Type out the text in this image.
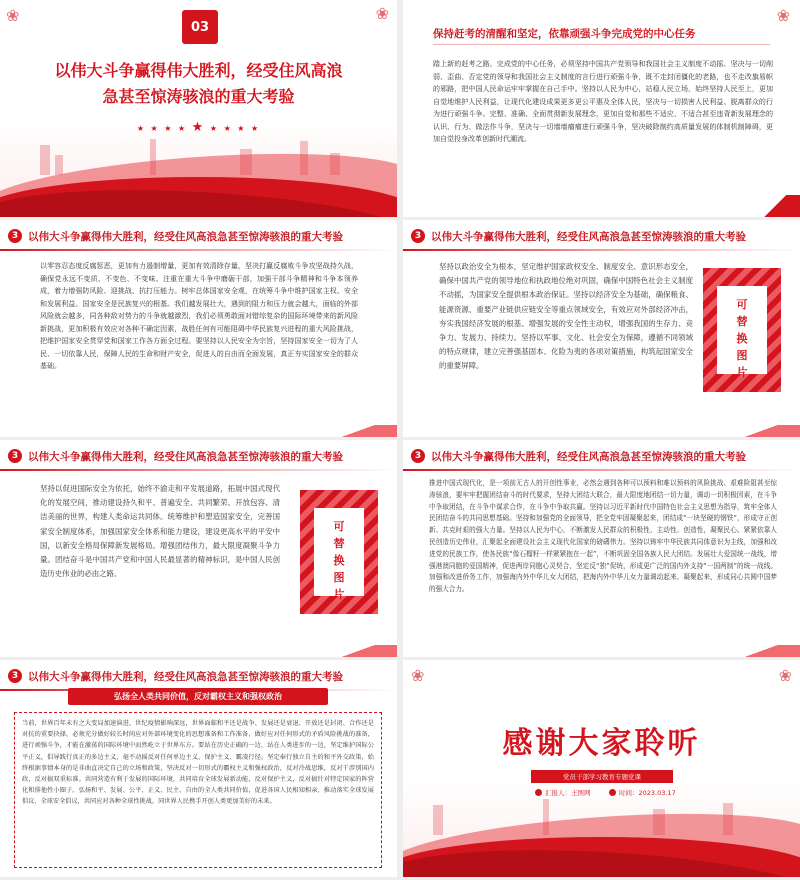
❀	❀
03
以伟大斗争赢得伟大胜利，经受住风高浪
急甚至惊涛骇浪的重大考验
★ ★ ★ ★ ★ ★ ★ ★ ★
❀
保持赶考的清醒和坚定，依靠顽强斗争完成党的中心任务
踏上新的赶考之路、完成党的中心任务，必须坚持中国共产党领导和我国社会主义制度不动摇、坚决与一切削弱、歪曲、否定党的领导和我国社会主义制度的言行进行顽强斗争，既不走封闭僵化的老路，也不走改旗易帜的邪路，把中国人民命运牢牢掌握在自己手中。坚持以人民为中心，站稳人民立场，始终坚持人民至上，更加自觉地维护人民利益，让现代化建设成果更多更公平惠及全体人民，坚决与一切损害人民利益、脱离群众的行为进行顽强斗争。完整、准确、全面贯彻新发展理念，更加自觉和那些不适应、不适合甚至违背新发展理念的认识、行为、做法作斗争，坚决与一切墙墙瘤瘤进行顽强斗争，坚决破除制约高质量发展的体制机制障碍，更加自觉投身改革创新时代潮流。
3 以伟大斗争赢得伟大胜利，经受住风高浪急甚至惊涛骇浪的重大考验
以零容忍态度反腐惩恶，更加有力遏制增量，更加有效清除存量，坚决打赢反腐败斗争攻坚战持久战，确保党永远不变质、不变色、不变味。注重在重大斗争中磨砺干部，加强干部斗争精神和斗争本领养成，着力增强防风险、迎挑战、抗打压能力。树牢总体国家安全观，在统筹斗争中维护国家主权、安全和发展利益。国家安全是民族复兴的根基。我们越发展壮大，遇到的阻力和压力就会越大，面临的外部风险就会越多，同各种敌对势力的斗争就越激烈，我们必须勇敢面对错综复杂的国际环境带来的新风险新挑战，更加积极有效应对各种不确定因素，战胜任何有可能阻碍中华民族复兴进程的重大风险挑战，把维护国家安全贯穿党和国家工作各方面全过程。要坚持以人民安全为宗旨，坚持国家安全一切为了人民、一切依靠人民，保障人民的生命和财产安全，促进人的自由而全面发展，真正夯实国家安全的群众基础。
3 以伟大斗争赢得伟大胜利，经受住风高浪急甚至惊涛骇浪的重大考验
坚持以政治安全为根本，坚定维护国家政权安全、制度安全、意识形态安全，确保中国共产党的领导地位和执政地位绝对巩固，确保中国特色社会主义制度不动摇，为国家安全提供根本政治保证。坚持以经济安全为基础，确保粮食、能源资源、重要产业链供应链安全等重点领域安全，有效应对外部经济冲击，夯实我国经济发展的根基、增强发展的安全性主动权，增强我国的生存力、竞争力、发展力、持续力。坚持以军事、文化、社会安全为保障，遵循不同领域的特点规律，建立完善强基固本、化险为夷的各项对策措施，构筑起国家安全的重要屏障。
可
替
换
图
片
3 以伟大斗争赢得伟大胜利，经受住风高浪急甚至惊涛骇浪的重大考验
坚持以促进国际安全为依托，始终不渝走和平发展道路，拓展中国式现代化的发展空间，推动建设持久和平、普遍安全、共同繁荣、开放包容、清洁美丽的世界，构建人类命运共同体。统筹维护和塑造国家安全，完善国家安全制度体系，加强国家安全体系和能力建设，建设更高水平的平安中国，以新安全格局保障新发展格局。增强团结伟力，最大限度凝聚斗争力量。团结奋斗是中国共产党和中国人民最显著的精神标识，是中国人民创造历史伟业的必由之路。
可
替
换
图
片
3 以伟大斗争赢得伟大胜利，经受住风高浪急甚至惊涛骇浪的重大考验
推进中国式现代化，是一项前无古人的开创性事业，必然会遇到各种可以预料和难以预料的风险挑战、艰难险阻甚至惊涛骇浪，要牢牢把握团结奋斗的时代要求，坚持大团结大联合，最大限度地团结一切力量，调动一切积极因素，在斗争中争取团结，在斗争中谋求合作，在斗争中争取共赢。坚持以习近平新时代中国特色社会主义思想为指导，筑牢全体人民团结奋斗的共同思想基础。坚持和加强党的全面领导，把全党牢固凝聚起来，团结成“一块坚硬的钢铁”，形成守正创新、共克时艰的强大力量。坚持以人民为中心，不断激发人民群众的积极性、主动性、创造性，凝聚民心。紧紧依靠人民创造历史伟业，汇聚起全面建设社会主义现代化国家的磅礴伟力。坚持以铸牢中华民族共同体意识为主线，加强和改进党的民族工作，使各民族“像石榴籽一样紧紧抱在一起”，不断巩固全国各族人民大团结。发展壮大爱国统一战线，增强港澳同胞的爱国精神，促进两岸同胞心灵契合，坚定反“独”促统，形成更广泛的国内外支持“一国两制”的统一战线。加强和改进侨务工作，加强海内外中华儿女大团结，把海内外中华儿女力量调动起来、凝聚起来，形成同心共圆中国梦的强大合力。
3 以伟大斗争赢得伟大胜利，经受住风高浪急甚至惊涛骇浪的重大考验
弘扬全人类共同价值，反对霸权主义和强权政治
当前，世界百年未有之大变局加速演进，世纪疫情影响深远，世界面临和平还是战争、发展还是衰退、开放还是封闭、合作还是对抗的重要抉择，必须充分做好较长时间应对外部环境变化的思想准备和工作准备，做好应对任何形式的矛盾风险挑战的准备，进行顽强斗争，才能在激荡的国际环境中而然屹立于世界东方。要站在历史正确的一边、站在人类进步的一边，坚定维护国际公平正义，倡导践行真正的多边主义，毫不动摇反对任何单边主义、保护主义、霸凌行径。坚定奉行独立自主的和平外交政策，始终根据事情本身的是非曲直决定自己的立场和政策，坚决反对一切形式的霸权主义和强权政治，反对冷战思维，反对干涉别国内政，反对搞双重标准。共同营造有利于发展的国际环境，共同培育全球发展新动能，反对保护主义，反对搞针对特定国家的阵营化和排他性小圈子。弘扬和平、发展、公平、正义、民主、自由的全人类共同价值，促进各国人民相知相亲，推动落实全球发展倡议、全球安全倡议，共同应对各种全球性挑战，同世界人民携手开创人类更加美好的未来。
❀	❀
感谢大家聆听
党员干部学习教育专题党课
汇报人：王图网	时间：2023.03.17
